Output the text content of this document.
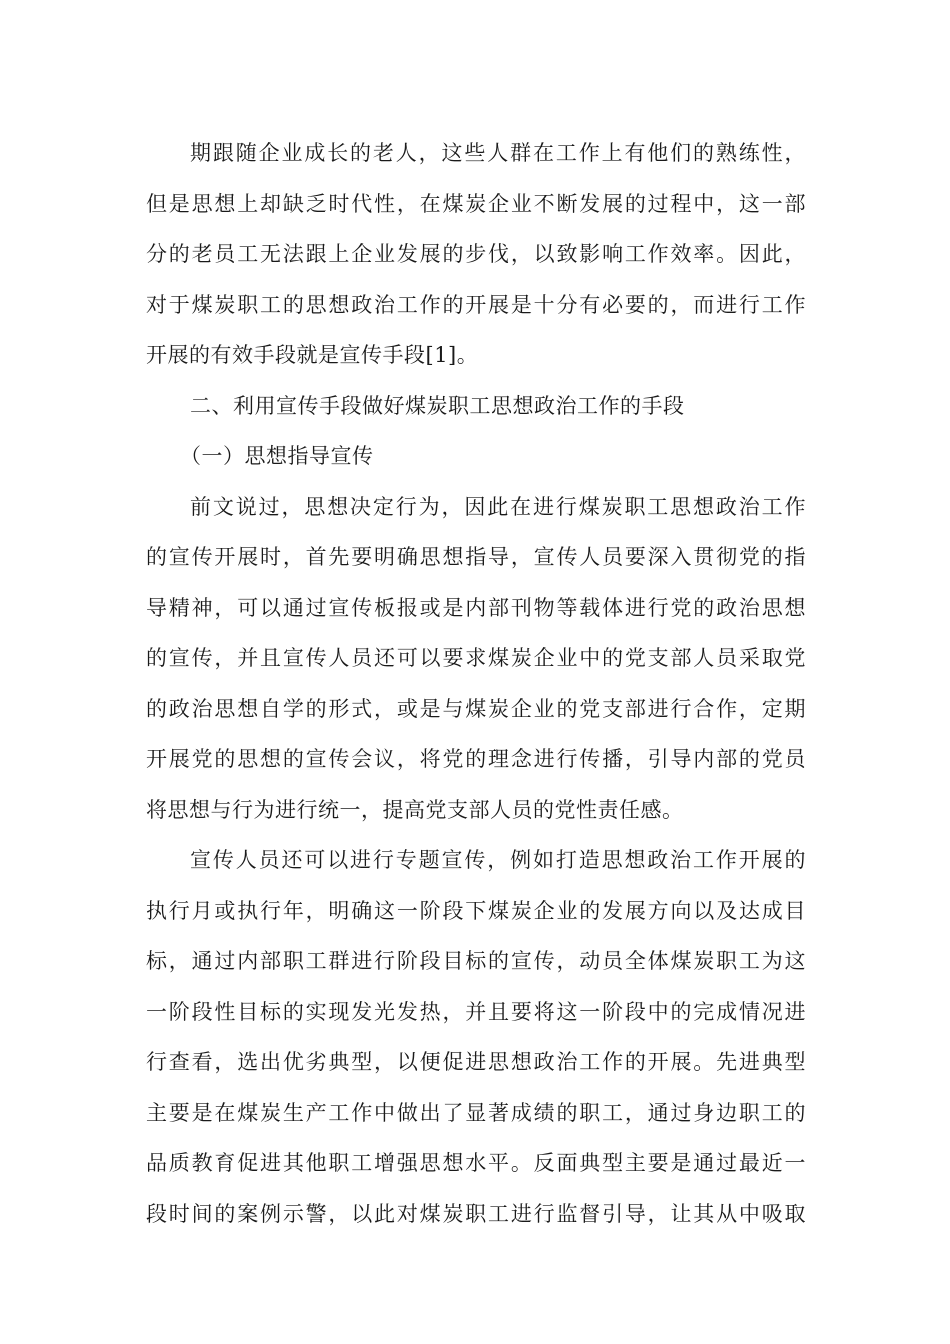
期跟随企业成长的老人，这些人群在工作上有他们的熟练性，
但是思想上却缺乏时代性，在煤炭企业不断发展的过程中，这一部
分的老员工无法跟上企业发展的步伐，以致影响工作效率。因此，
对于煤炭职工的思想政治工作的开展是十分有必要的，而进行工作
开展的有效手段就是宣传手段[1]。
二、利用宣传手段做好煤炭职工思想政治工作的手段
（一）思想指导宣传
前文说过，思想决定行为，因此在进行煤炭职工思想政治工作
的宣传开展时，首先要明确思想指导，宣传人员要深入贯彻党的指
导精神，可以通过宣传板报或是内部刊物等载体进行党的政治思想
的宣传，并且宣传人员还可以要求煤炭企业中的党支部人员采取党
的政治思想自学的形式，或是与煤炭企业的党支部进行合作，定期
开展党的思想的宣传会议，将党的理念进行传播，引导内部的党员
将思想与行为进行统一，提高党支部人员的党性责任感。
宣传人员还可以进行专题宣传，例如打造思想政治工作开展的
执行月或执行年，明确这一阶段下煤炭企业的发展方向以及达成目
标，通过内部职工群进行阶段目标的宣传，动员全体煤炭职工为这
一阶段性目标的实现发光发热，并且要将这一阶段中的完成情况进
行查看，选出优劣典型，以便促进思想政治工作的开展。先进典型
主要是在煤炭生产工作中做出了显著成绩的职工，通过身边职工的
品质教育促进其他职工增强思想水平。反面典型主要是通过最近一
段时间的案例示警，以此对煤炭职工进行监督引导，让其从中吸取
